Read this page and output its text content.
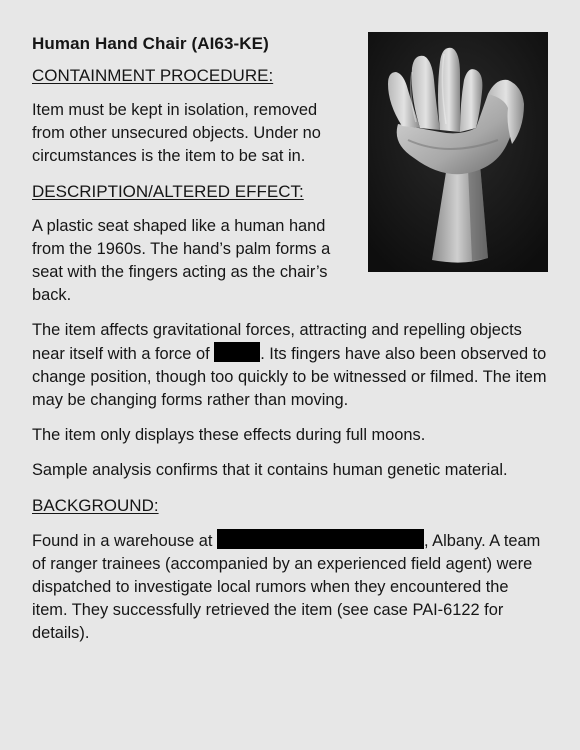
Human Hand Chair (AI63-KE)
CONTAINMENT PROCEDURE:

Item must be kept in isolation, removed from other unsecured objects. Under no circumstances is the item to be sat in.

DESCRIPTION/ALTERED EFFECT:

A plastic seat shaped like a human hand from the 1960s. The hand’s palm forms a seat with the fingers acting as the chair’s back.

The item affects gravitational forces, attracting and repelling objects near itself with a force of	. Its fingers have also been observed to change position, though too quickly to be witnessed or filmed. The item may be changing forms rather than moving.

The item only displays these effects during full moons.

Sample analysis confirms that it contains human genetic material.

BACKGROUND:

Found in a warehouse at	, Albany. A team of ranger trainees (accompanied by an experienced field agent) were dispatched to investigate local rumors when they encountered the item. They successfully retrieved the item (see case PAI-6122 for details).
